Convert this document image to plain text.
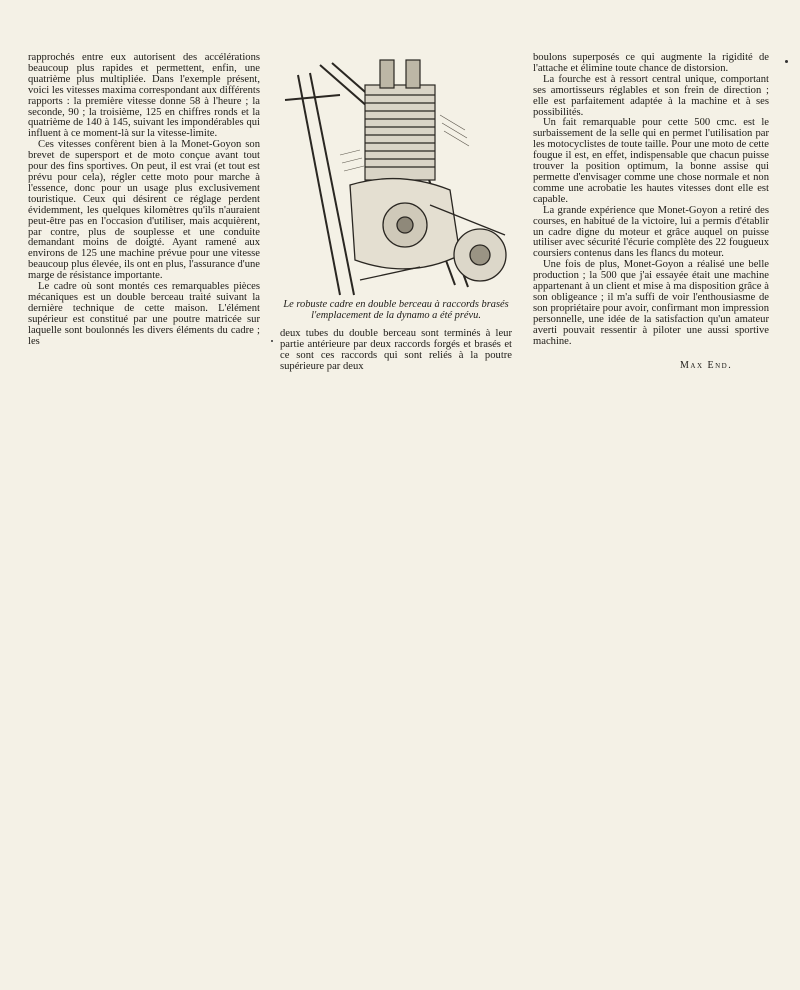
rapprochés entre eux autorisent des accélérations beaucoup plus rapides et permettent, enfin, une quatrième plus multipliée. Dans l'exemple présent, voici les vitesses maxima correspondant aux différents rapports : la première vitesse donne 58 à l'heure ; la seconde, 90 ; la troisième, 125 en chiffres ronds et la quatrième de 140 à 145, suivant les impondérables qui influent à ce moment-là sur la vitesse-limite.

Ces vitesses confèrent bien à la Monet-Goyon son brevet de supersport et de moto conçue avant tout pour des fins sportives. On peut, il est vrai (et tout est prévu pour cela), régler cette moto pour marche à l'essence, donc pour un usage plus exclusivement touristique. Ceux qui désirent ce réglage perdent évidemment, les quelques kilomètres qu'ils n'auraient peut-être pas en l'occasion d'utiliser, mais acquièrent, par contre, plus de souplesse et une conduite demandant moins de doigté. Ayant ramené aux environs de 125 une machine prévue pour une vitesse beaucoup plus élevée, ils ont en plus, l'assurance d'une marge de résistance importante.

Le cadre où sont montés ces remarquables pièces mécaniques est un double berceau traité suivant la dernière technique de cette maison. L'élément supérieur est constitué par une poutre matricée sur laquelle sont boulonnés les divers éléments du cadre ; les

Le robuste cadre en double berceau à raccords brasés l'emplacement de la dynamo a été prévu.

deux tubes du double berceau sont terminés à leur partie antérieure par deux raccords forgés et brasés et ce sont ces raccords qui sont reliés à la poutre supérieure par deux

boulons superposés ce qui augmente la rigidité de l'attache et élimine toute chance de distorsion.

La fourche est à ressort central unique, comportant ses amortisseurs réglables et son frein de direction ; elle est parfaitement adaptée à la machine et à ses possibilités.

Un fait remarquable pour cette 500 cmc. est le surbaissement de la selle qui en permet l'utilisation par les motocyclistes de toute taille. Pour une moto de cette fougue il est, en effet, indispensable que chacun puisse trouver la position optimum, la bonne assise qui permette d'envisager comme une chose normale et non comme une acrobatie les hautes vitesses dont elle est capable.

La grande expérience que Monet-Goyon a retiré des courses, en habitué de la victoire, lui a permis d'établir un cadre digne du moteur et grâce auquel on puisse utiliser avec sécurité l'écurie complète des 22 fougueux coursiers contenus dans les flancs du moteur.

Une fois de plus, Monet-Goyon a réalisé une belle production ; la 500 que j'ai essayée était une machine appartenant à un client et mise à ma disposition grâce à son obligeance ; il m'a suffi de voir l'enthousiasme de son propriétaire pour avoir, confirmant mon impression personnelle, une idée de la satisfaction qu'un amateur averti pouvait ressentir à piloter une aussi sportive machine.

Max End.
